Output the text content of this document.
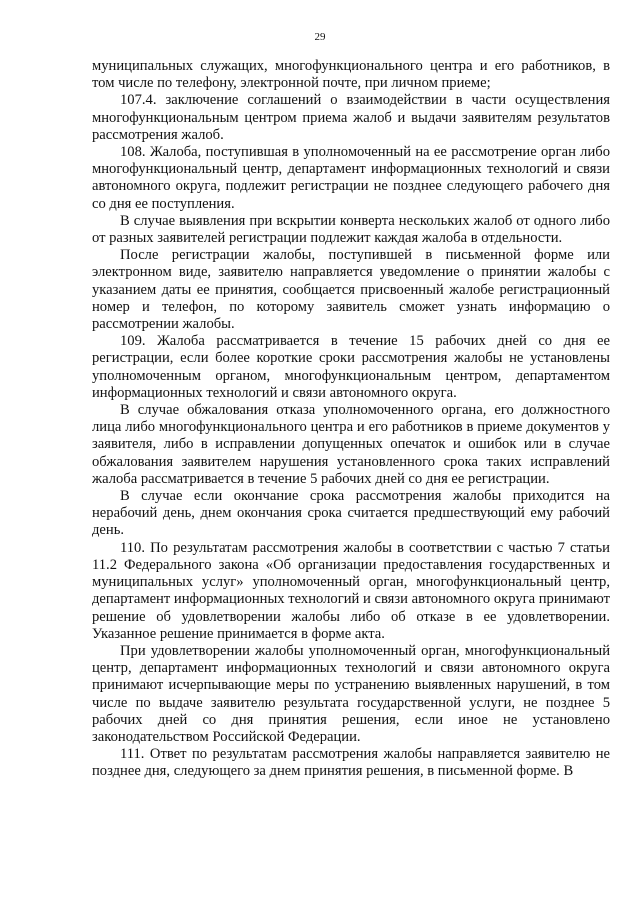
29

муниципальных служащих, многофункционального центра и его работников, в том числе по телефону, электронной почте, при личном приеме;

107.4. заключение соглашений о взаимодействии в части осуществления многофункциональным центром приема жалоб и выдачи заявителям результатов рассмотрения жалоб.

108. Жалоба, поступившая в уполномоченный на ее рассмотрение орган либо многофункциональный центр, департамент информационных технологий и связи автономного округа, подлежит регистрации не позднее следующего рабочего дня со дня ее поступления.

В случае выявления при вскрытии конверта нескольких жалоб от одного либо от разных заявителей регистрации подлежит каждая жалоба в отдельности.

После регистрации жалобы, поступившей в письменной форме или электронном виде, заявителю направляется уведомление о принятии жалобы с указанием даты ее принятия, сообщается присвоенный жалобе регистрационный номер и телефон, по которому заявитель сможет узнать информацию о рассмотрении жалобы.

109. Жалоба рассматривается в течение 15 рабочих дней со дня ее регистрации, если более короткие сроки рассмотрения жалобы не установлены уполномоченным органом, многофункциональным центром, департаментом информационных технологий и связи автономного округа.

В случае обжалования отказа уполномоченного органа, его должностного лица либо многофункционального центра и его работников в приеме документов у заявителя, либо в исправлении допущенных опечаток и ошибок или в случае обжалования заявителем нарушения установленного срока таких исправлений жалоба рассматривается в течение 5 рабочих дней со дня ее регистрации.

В случае если окончание срока рассмотрения жалобы приходится на нерабочий день, днем окончания срока считается предшествующий ему рабочий день.

110. По результатам рассмотрения жалобы в соответствии с частью 7 статьи 11.2 Федерального закона «Об организации предоставления государственных и муниципальных услуг» уполномоченный орган, многофункциональный центр, департамент информационных технологий и связи автономного округа принимают решение об удовлетворении жалобы либо об отказе в ее удовлетворении. Указанное решение принимается в форме акта.

При удовлетворении жалобы уполномоченный орган, многофункциональный центр, департамент информационных технологий и связи автономного округа принимают исчерпывающие меры по устранению выявленных нарушений, в том числе по выдаче заявителю результата государственной услуги, не позднее 5 рабочих дней со дня принятия решения, если иное не установлено законодательством Российской Федерации.

111. Ответ по результатам рассмотрения жалобы направляется заявителю не позднее дня, следующего за днем принятия решения, в письменной форме. В
